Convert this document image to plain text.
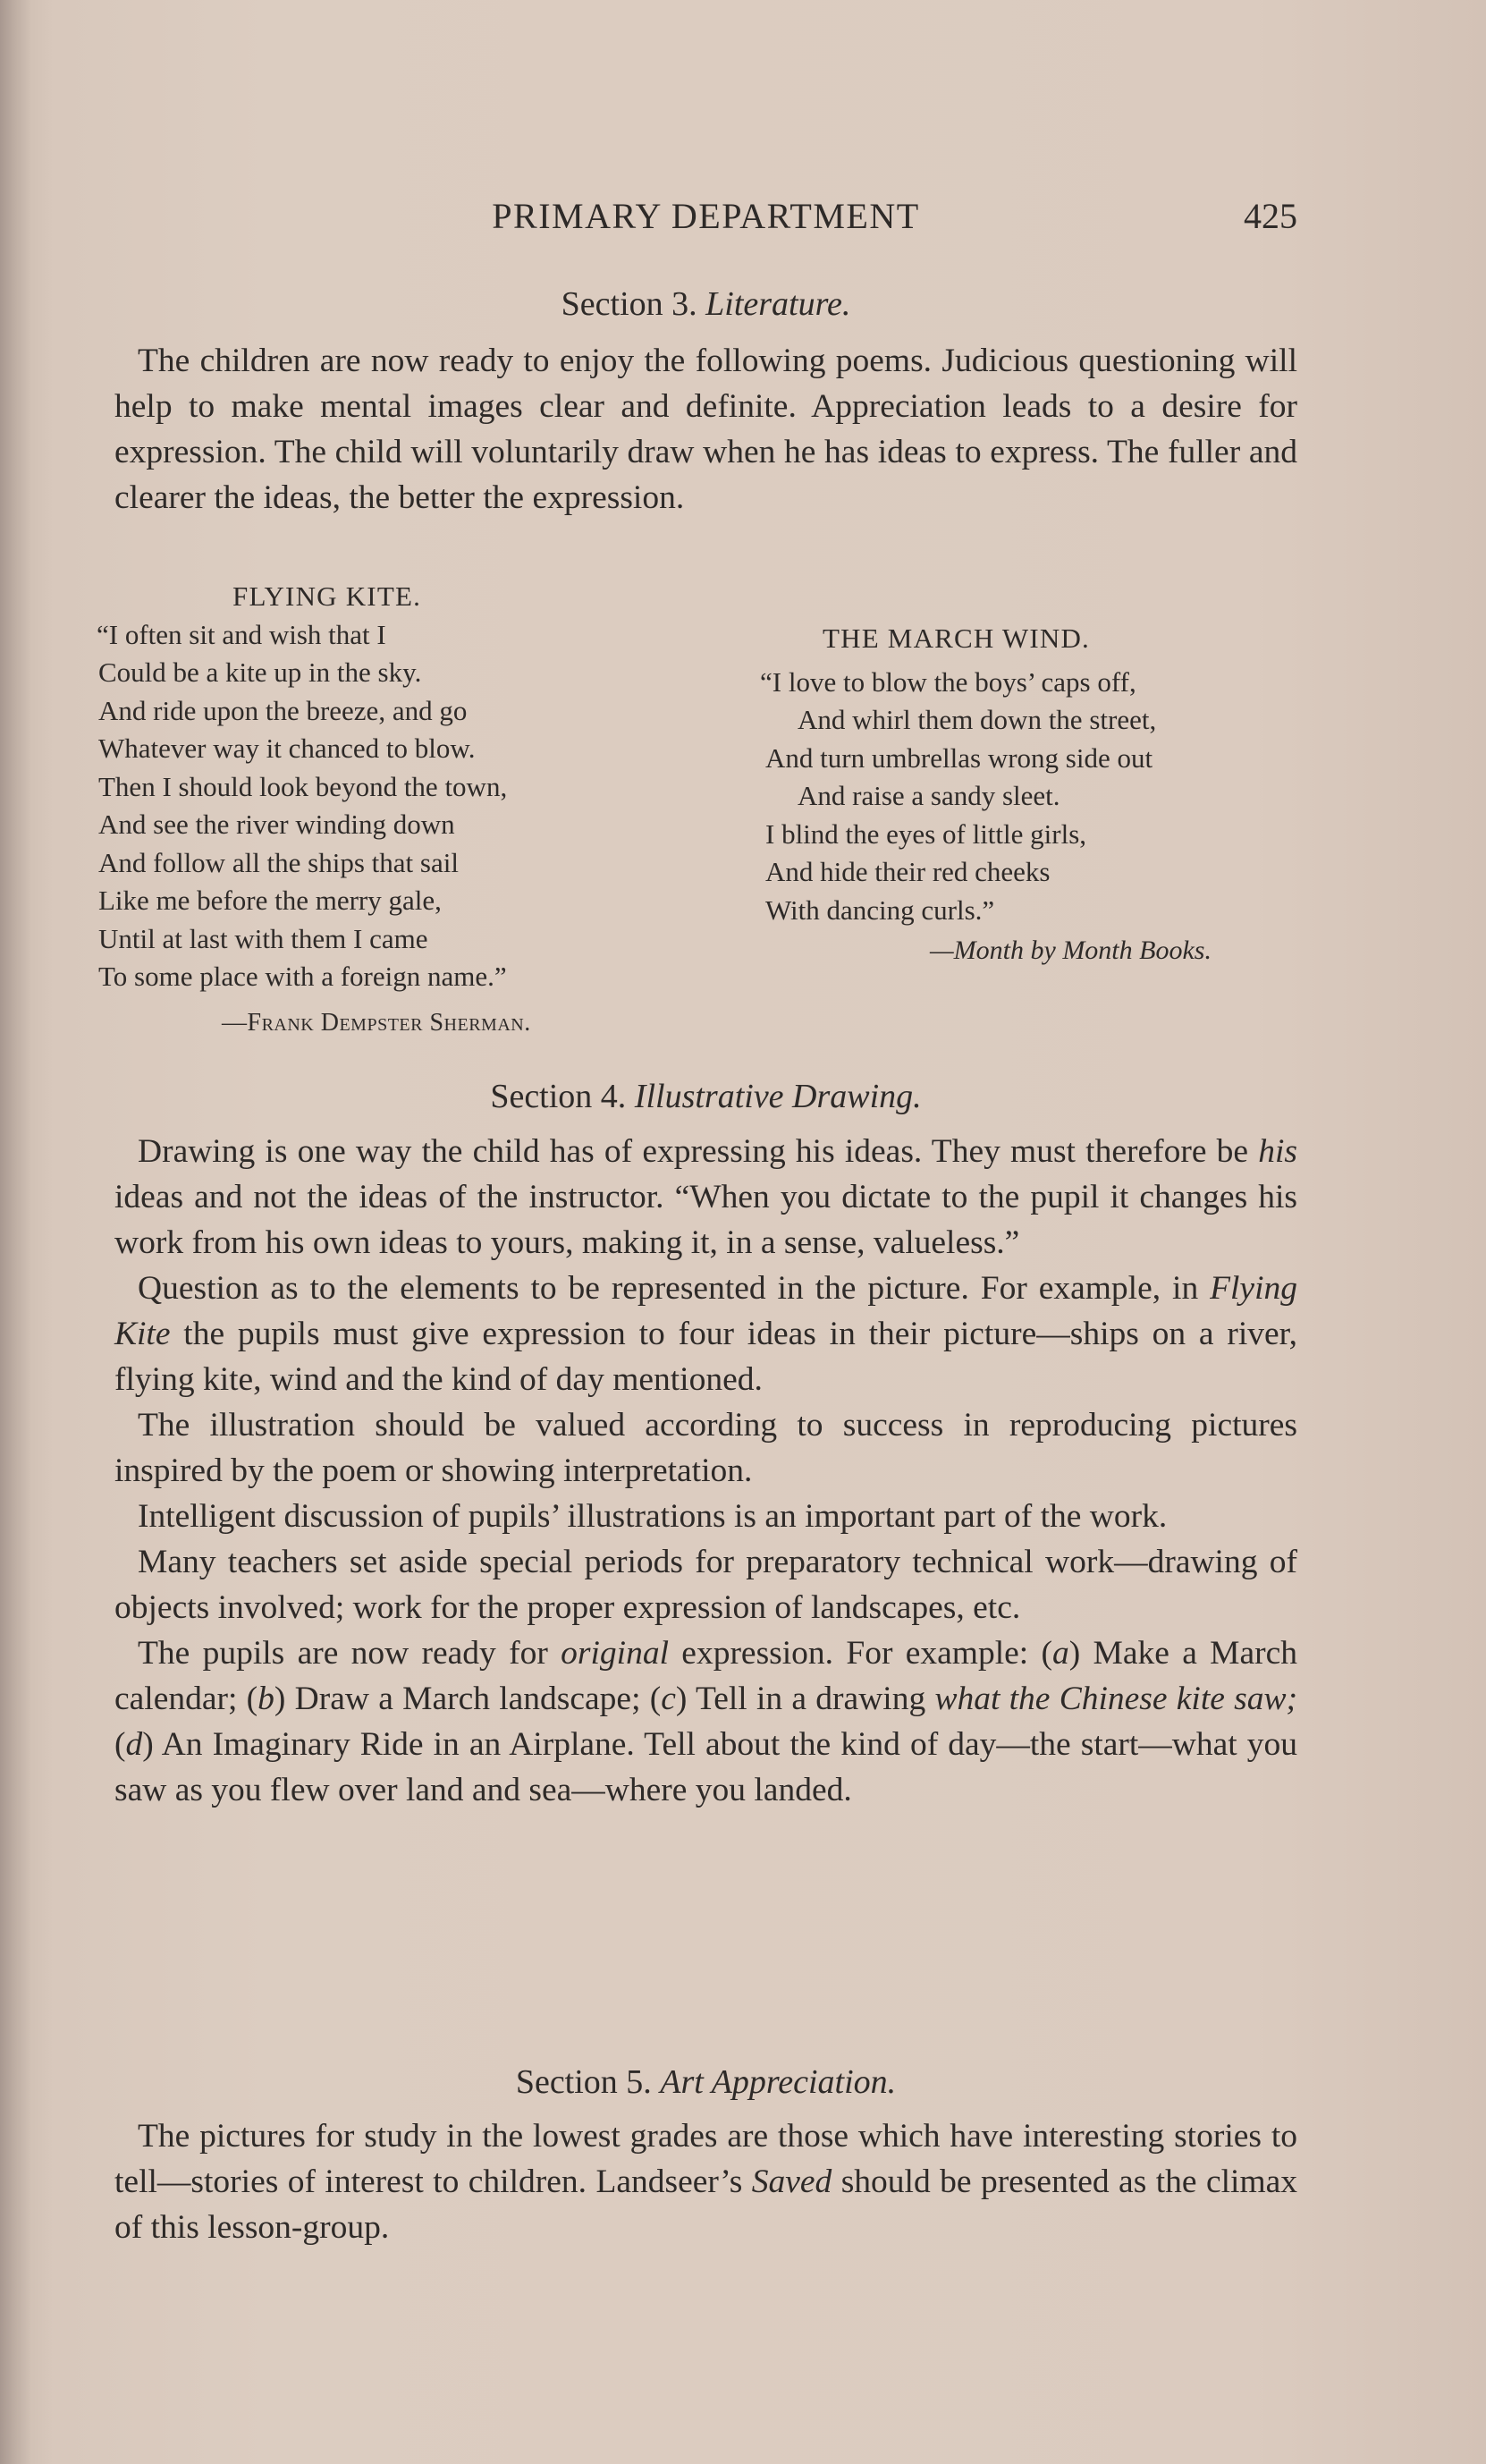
PRIMARY DEPARTMENT	425
Section 3. Literature.

The children are now ready to enjoy the following poems. Judicious questioning will help to make mental images clear and definite. Appreciation leads to a desire for expression. The child will voluntarily draw when he has ideas to express. The fuller and clearer the ideas, the better the expression.

FLYING KITE.
“I often sit and wish that I
Could be a kite up in the sky.
And ride upon the breeze, and go
Whatever way it chanced to blow.
Then I should look beyond the town,
And see the river winding down
And follow all the ships that sail
Like me before the merry gale,
Until at last with them I came
To some place with a foreign name.”
—Frank Dempster Sherman.
THE MARCH WIND.
“I love to blow the boys’ caps off,
And whirl them down the street,
And turn umbrellas wrong side out
And raise a sandy sleet.
I blind the eyes of little girls,
And hide their red cheeks
With dancing curls.”
—Month by Month Books.
Section 4. Illustrative Drawing.

Drawing is one way the child has of expressing his ideas. They must therefore be his ideas and not the ideas of the instructor. “When you dictate to the pupil it changes his work from his own ideas to yours, making it, in a sense, valueless.”

Question as to the elements to be represented in the picture. For example, in Flying Kite the pupils must give expression to four ideas in their picture—ships on a river, flying kite, wind and the kind of day mentioned.

The illustration should be valued according to success in reproducing pictures inspired by the poem or showing interpretation.

Intelligent discussion of pupils’ illustrations is an important part of the work.

Many teachers set aside special periods for preparatory technical work—drawing of objects involved; work for the proper expression of landscapes, etc.

The pupils are now ready for original expression. For example: (a) Make a March calendar; (b) Draw a March landscape; (c) Tell in a drawing what the Chinese kite saw; (d) An Imaginary Ride in an Airplane. Tell about the kind of day—the start—what you saw as you flew over land and sea—where you landed.

Section 5. Art Appreciation.

The pictures for study in the lowest grades are those which have interesting stories to tell—stories of interest to children. Landseer’s Saved should be presented as the climax of this lesson-group.
